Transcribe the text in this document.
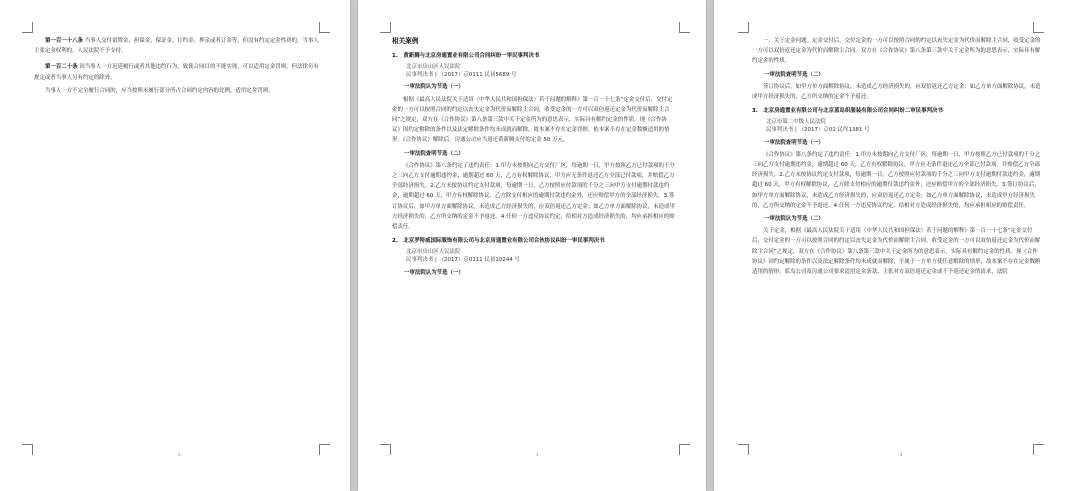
第一百一十八条 当事人交付留置金、担保金、保证金、订约金、押金或者订金等，但没有约定定金性质的，当事人主张定金权利的，人民法院不予支持。

第一百二十条 因当事人一方迟延履行或者其他违约行为，致使合同目的不能实现，可以适用定金罚则。但法律另有规定或者当事人另有约定的除外。

当事人一方不完全履行合同的，应当按照未履行部分所占合同约定内容的比例，适用定金罚则。

3

相关案例

1.　黄新腾与北京房通置业有限公司合同纠纷一审民事判决书

北京市房山区人民法院

民事判决书 | （2017）京0111 民初5689 号

一审法院认为节选（一）

根据《最高人民法院关于适用〈中华人民共和国担保法〉若干问题的解释》第一百一十七条“定金交付后，交付定金的一方可以按照合同的约定以丧失定金为代价而解除主合同，收受定金的一方可以双倍返还定金为代价而解除主合同”之规定，双方在《合作协议》第八条第三款中关于定金所为的意思表示，实际具有解约定金的性质。现《合作协议》因约定解除的条件以及法定解除条件均未成就而解除，故本案不存在定金罚则。依本案不存在定金数额适用的情形。《合作协议》解除后，房通公司应当返还黄新腾支付的定金 50 万元。

一审法院查明节选（二）

《合作协议》第八条约定了违约责任：1.甲方未按期向乙方交付厂区，每逾期一日，甲方按照乙方已付款项的千分之三向乙方支付逾期违约金，逾期超过 60 天，乙方有权解除协议，甲方应无条件退还乙方全部已付款项，并赔偿乙方全部经济损失。2.乙方未按协议约定支付款项，每逾期一日，乙方按照应付款项的千分之三向甲方支付逾期付款违约金，逾期超过 60 天，甲方有权解除协议，乙方除支付相应的逾期付款违约金外，还应赔偿甲方的全部经济损失。3.签订协议后，如甲方单方面解除协议，未造成乙方经济损失的，应双倍返还乙方定金；如乙方单方面解除协议，未造成甲方经济损失的，乙方所交纳的定金不予返还。4.任何一方违反协议约定，给相对方造成经济损失的，均应承担相应的赔偿责任。

2.　北京罗特威国际服饰有限公司与北京房通置业有限公司合伙协议纠纷一审民事判决书

北京市房山区人民法院

民事判决书 | （2017）京0111 民初10244 号

一审法院认为节选（一）

3

一、关于定金问题。定金交付后，交付定金的一方可以按照合同的约定以丧失定金为代价而解除主合同，收受定金的一方可以双倍返还定金为代价而解除主合同。双方在《合作协议》第八条第三款中关于定金所为的意思表示，实际具有解约定金的性质。

一审法院查明节选（二）

签订协议后，如甲方单方面解除协议，未造成乙方经济损失的，应双倍返还乙方定金；如乙方单方面解除协议，未造成甲方经济损失的，乙方所交纳的定金不予返还。

3.　北京房通置业有限公司与北京蓝岛织服装有限公司合同纠纷二审民事判决书

北京市第二中级人民法院

民事判决书 | （2017）京02 民终1381 号

一审法院查明节选（一）

《合作协议》第八条约定了违约责任：1.甲方未按期向乙方交付厂区，每逾期一日，甲方按照乙方已付款项的千分之三向乙方支付逾期违约金，逾期超过 60 天，乙方有权解除协议，甲方应无条件退还乙方全部已付款项，并赔偿乙方全部经济损失。2.乙方未按协议约定支付款项，每逾期一日，乙方按照应付款项的千分之三向甲方支付逾期付款违约金，逾期超过 60 天，甲方有权解除协议，乙方除支付相应的逾期付款违约金外，还应赔偿甲方的全部经济损失。3.签订协议后，如甲方单方面解除协议，未造成乙方经济损失的，应双倍返还乙方定金；如乙方单方面解除协议，未造成甲方经济损失的，乙方所交纳的定金不予返还。4.任何一方违反协议约定，给相对方造成经济损失的，均应承担相应的赔偿责任。

一审法院认为节选（二）

关于定金，根据《最高人民法院关于适用〈中华人民共和国担保法〉若干问题的解释》第一百一十七条“定金交付后，交付定金的一方可以按照合同的约定以丧失定金为代价而解除主合同，收受定金的一方可以双倍返还定金为代价而解除主合同”之规定，双方在《合作协议》第八条第三款中关于定金所为的意思表示，实际具有解约定金的性质。现《合作协议》因约定解除的条件以及法定解除条件均未成就而解除，不属于一方单方使任意解除的情形，故本案不存在定金数额适用的情形。蓝岛公司及房通公司要求适用定金条款、主张对方双倍返还定金或不予返还定金的请求，法院

4
